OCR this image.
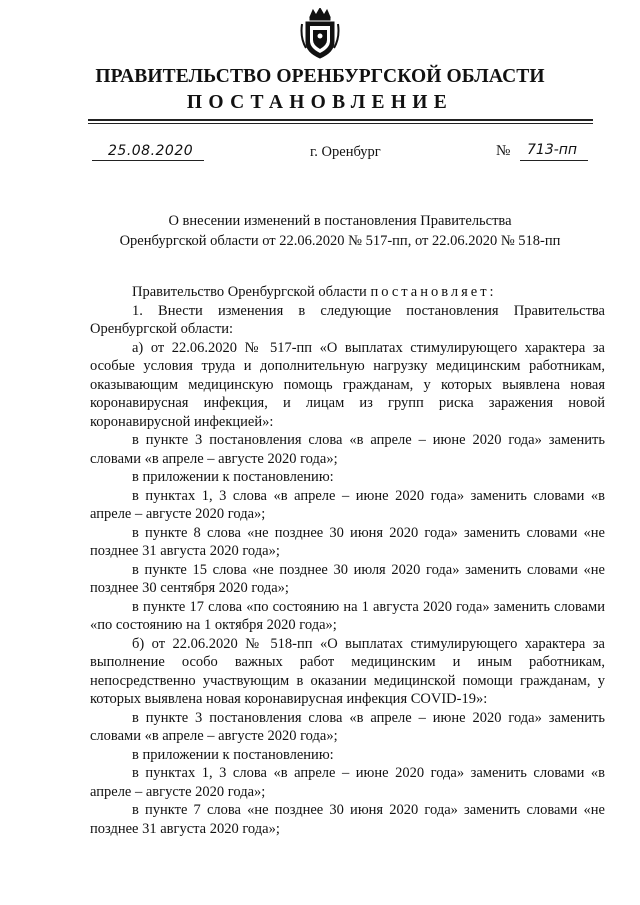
ПРАВИТЕЛЬСТВО ОРЕНБУРГСКОЙ ОБЛАСТИ
ПОСТАНОВЛЕНИЕ
25.08.2020	г. Оренбург	№ 713-пп
О внесении изменений в постановления Правительства
Оренбургской области от 22.06.2020 № 517-пп, от 22.06.2020 № 518-пп

Правительство Оренбургской области постановляет:

1. Внести изменения в следующие постановления Правительства Оренбургской области:

а) от 22.06.2020 № 517-пп «О выплатах стимулирующего характера за особые условия труда и дополнительную нагрузку медицинским работникам, оказывающим медицинскую помощь гражданам, у которых выявлена новая коронавирусная инфекция, и лицам из групп риска заражения новой коронавирусной инфекцией»:

в пункте 3 постановления слова «в апреле – июне 2020 года» заменить словами «в апреле – августе 2020 года»;

в приложении к постановлению:

в пунктах 1, 3 слова «в апреле – июне 2020 года» заменить словами «в апреле – августе 2020 года»;

в пункте 8 слова «не позднее 30 июня 2020 года» заменить словами «не позднее 31 августа 2020 года»;

в пункте 15 слова «не позднее 30 июля 2020 года» заменить словами «не позднее 30 сентября 2020 года»;

в пункте 17 слова «по состоянию на 1 августа 2020 года» заменить словами «по состоянию на 1 октября 2020 года»;

б) от 22.06.2020 № 518-пп «О выплатах стимулирующего характера за выполнение особо важных работ медицинским и иным работникам, непосредственно участвующим в оказании медицинской помощи гражданам, у которых выявлена новая коронавирусная инфекция COVID-19»:

в пункте 3 постановления слова «в апреле – июне 2020 года» заменить словами «в апреле – августе 2020 года»;

в приложении к постановлению:

в пунктах 1, 3 слова «в апреле – июне 2020 года» заменить словами «в апреле – августе 2020 года»;

в пункте 7 слова «не позднее 30 июня 2020 года» заменить словами «не позднее 31 августа 2020 года»;
